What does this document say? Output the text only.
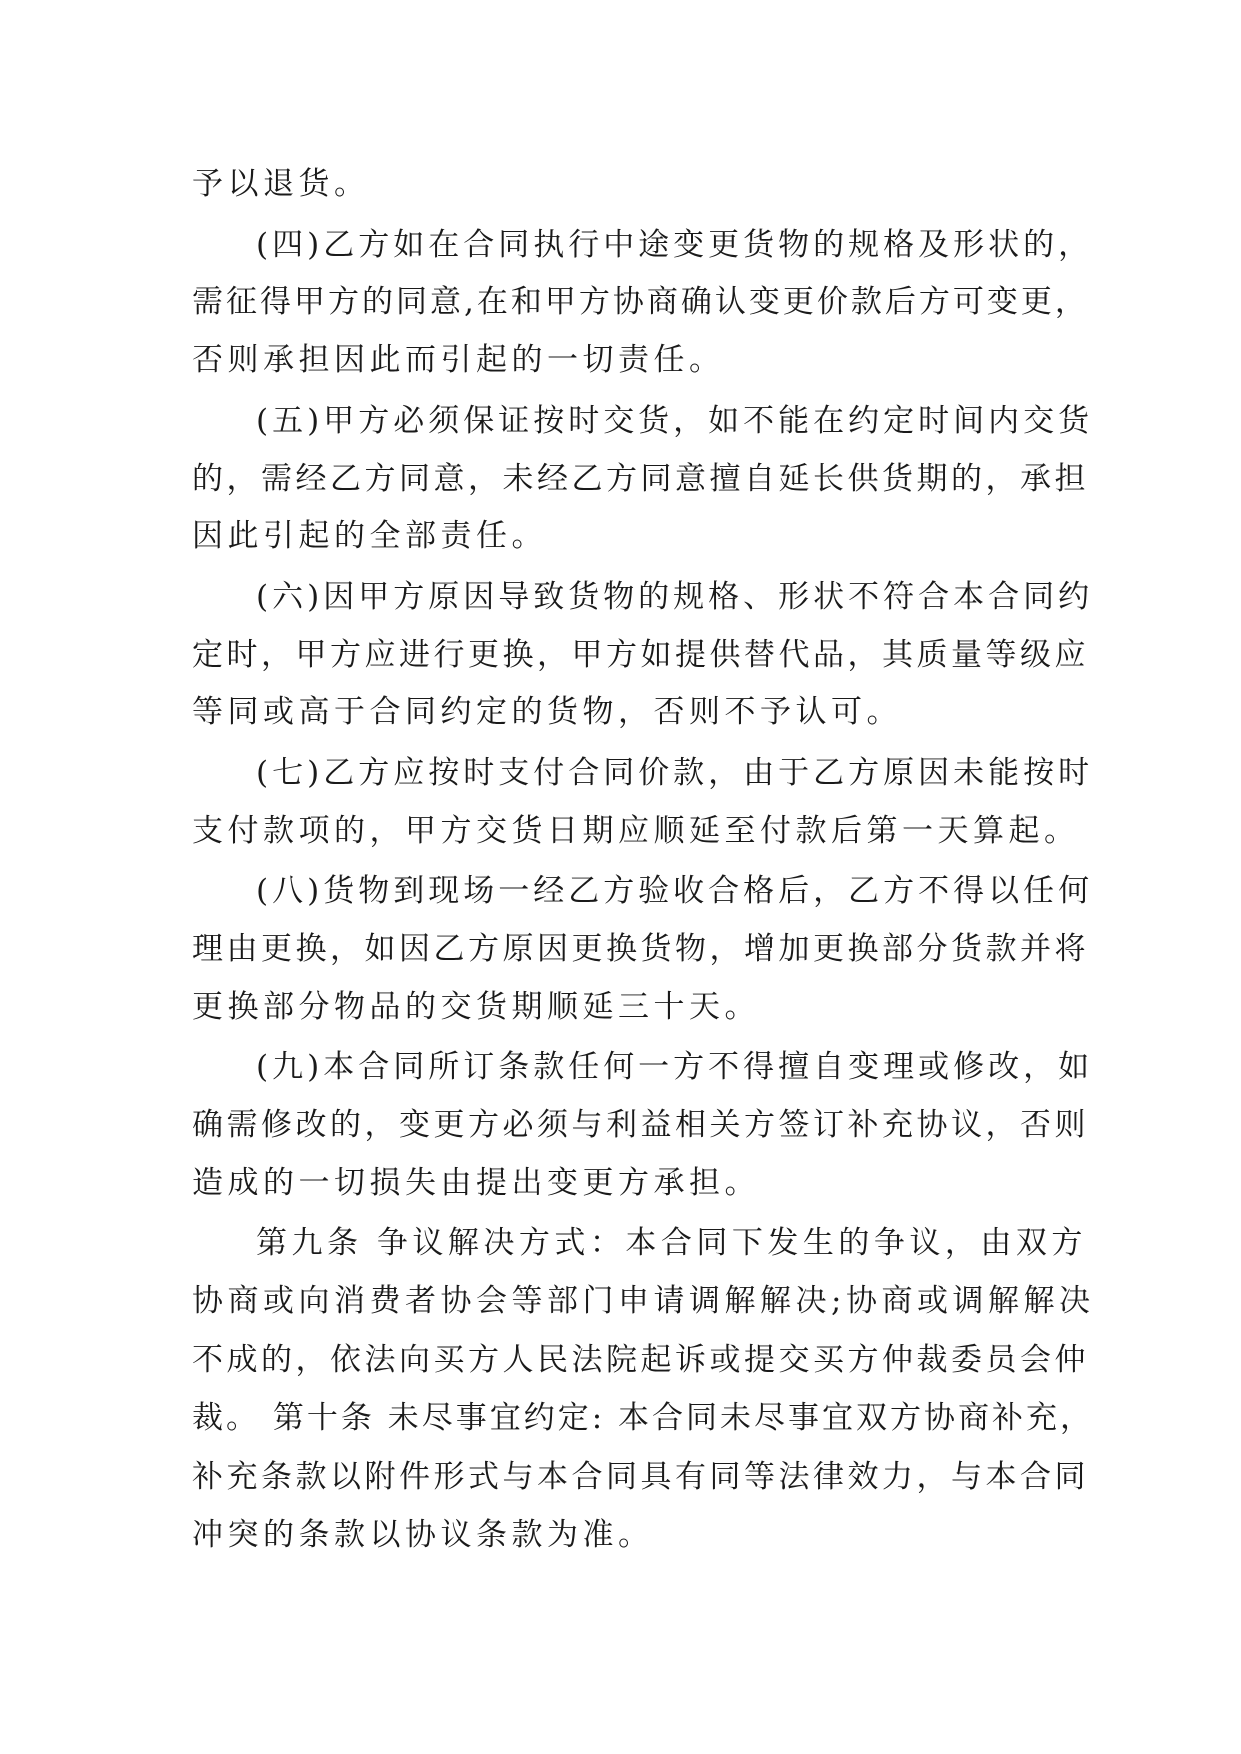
予以退货。
(四)乙方如在合同执行中途变更货物的规格及形状的，
需征得甲方的同意,在和甲方协商确认变更价款后方可变更，
否则承担因此而引起的一切责任。
(五)甲方必须保证按时交货，如不能在约定时间内交货
的，需经乙方同意，未经乙方同意擅自延长供货期的，承担
因此引起的全部责任。
(六)因甲方原因导致货物的规格、形状不符合本合同约
定时，甲方应进行更换，甲方如提供替代品，其质量等级应
等同或高于合同约定的货物，否则不予认可。
(七)乙方应按时支付合同价款，由于乙方原因未能按时
支付款项的，甲方交货日期应顺延至付款后第一天算起。
(八)货物到现场一经乙方验收合格后，乙方不得以任何
理由更换，如因乙方原因更换货物，增加更换部分货款并将
更换部分物品的交货期顺延三十天。
(九)本合同所订条款任何一方不得擅自变理或修改，如
确需修改的，变更方必须与利益相关方签订补充协议，否则
造成的一切损失由提出变更方承担。
第九条 争议解决方式：本合同下发生的争议，由双方
协商或向消费者协会等部门申请调解解决;协商或调解解决
不成的，依法向买方人民法院起诉或提交买方仲裁委员会仲
裁。 第十条 未尽事宜约定: 本合同未尽事宜双方协商补充，
补充条款以附件形式与本合同具有同等法律效力，与本合同
冲突的条款以协议条款为准。
